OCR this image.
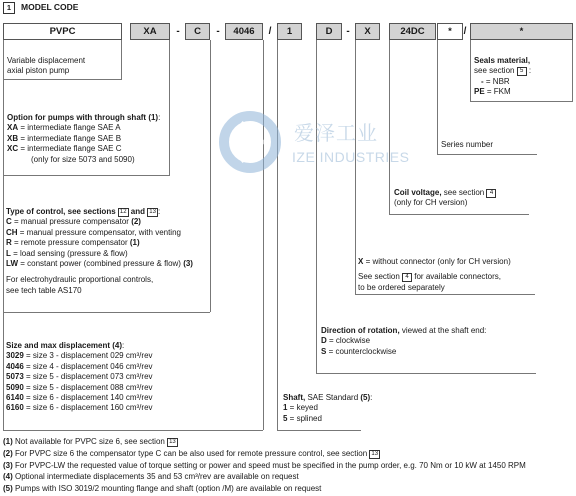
1	MODEL CODE
PVPC	XA	-	C	-	4046	/	1	D	-	X	24DC	*	/	*

Variable displacement

axial piston pump

Option for pumps with through shaft (1):

XA = intermediate flange SAE A

XB = intermediate flange SAE B

XC = intermediate flange SAE C

(only for size 5073 and 5090)

Type of control, see sections 12 and 13 :

C = manual pressure compensator (2)

CH = manual pressure compensator, with venting

R = remote pressure compensator (1)

L = load sensing (pressure & flow)

LW = constant power (combined pressure & flow) (3)

For electrohydraulic proportional controls,

see tech table AS170

Size and max displacement (4):

3029 = size 3 - displacement 029 cm³/rev

4046 = size 4 - displacement 046 cm³/rev

5073 = size 5 - displacement 073 cm³/rev

5090 = size 5 - displacement 088 cm³/rev

6140 = size 6 - displacement 140 cm³/rev

6160 = size 6 - displacement 160 cm³/rev

Shaft, SAE Standard (5):

1 = keyed

5 = splined

Direction of rotation, viewed at the shaft end:

D = clockwise

S = counterclockwise

X = without connector (only for CH version)

See section 4 for available connectors,

to be ordered separately

Coil voltage, see section 4

(only for CH version)

Series number

Seals material,

see section 5 :

- = NBR

PE = FKM

爱泽工业
IZE INDUSTRIES

(1) Not available for PVPC size 6, see section 13

(2) For PVPC size 6 the compensator type C can be also used for remote pressure control, see section 13

(3) For PVPC-LW the requested value of torque setting or power and speed must be specified in the pump order, e.g. 70 Nm or 10 kW at 1450 RPM

(4) Optional intermediate displacements 35 and 53 cm³/rev are available on request

(5) Pumps with ISO 3019/2 mounting flange and shaft (option /M) are available on request
